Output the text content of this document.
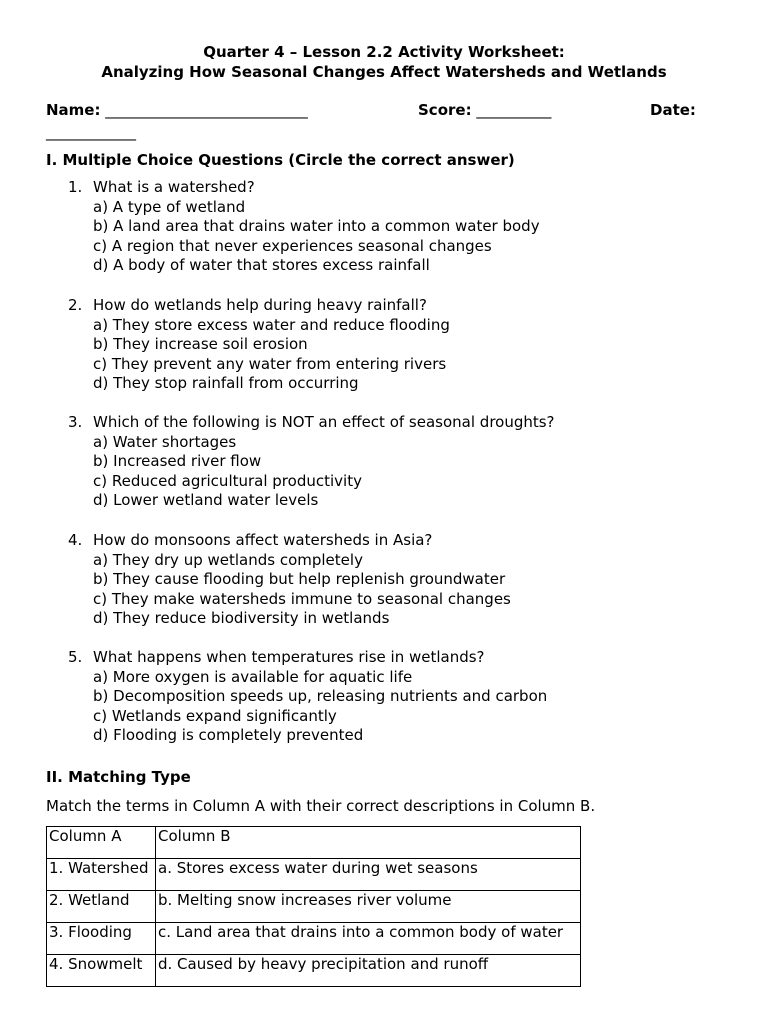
Quarter 4 – Lesson 2.2 Activity Worksheet:
Analyzing How Seasonal Changes Affect Watersheds and Wetlands
Name: ___________________________	Score: __________	Date:
____________
I. Multiple Choice Questions (Circle the correct answer)
1. What is a watershed?
a) A type of wetland
b) A land area that drains water into a common water body
c) A region that never experiences seasonal changes
d) A body of water that stores excess rainfall
2. How do wetlands help during heavy rainfall?
a) They store excess water and reduce flooding
b) They increase soil erosion
c) They prevent any water from entering rivers
d) They stop rainfall from occurring
3. Which of the following is NOT an effect of seasonal droughts?
a) Water shortages
b) Increased river flow
c) Reduced agricultural productivity
d) Lower wetland water levels
4. How do monsoons affect watersheds in Asia?
a) They dry up wetlands completely
b) They cause flooding but help replenish groundwater
c) They make watersheds immune to seasonal changes
d) They reduce biodiversity in wetlands
5. What happens when temperatures rise in wetlands?
a) More oxygen is available for aquatic life
b) Decomposition speeds up, releasing nutrients and carbon
c) Wetlands expand significantly
d) Flooding is completely prevented
II. Matching Type
Match the terms in Column A with their correct descriptions in Column B.
Column A	Column B
1. Watershed	a. Stores excess water during wet seasons
2. Wetland	b. Melting snow increases river volume
3. Flooding	c. Land area that drains into a common body of water
4. Snowmelt	d. Caused by heavy precipitation and runoff
